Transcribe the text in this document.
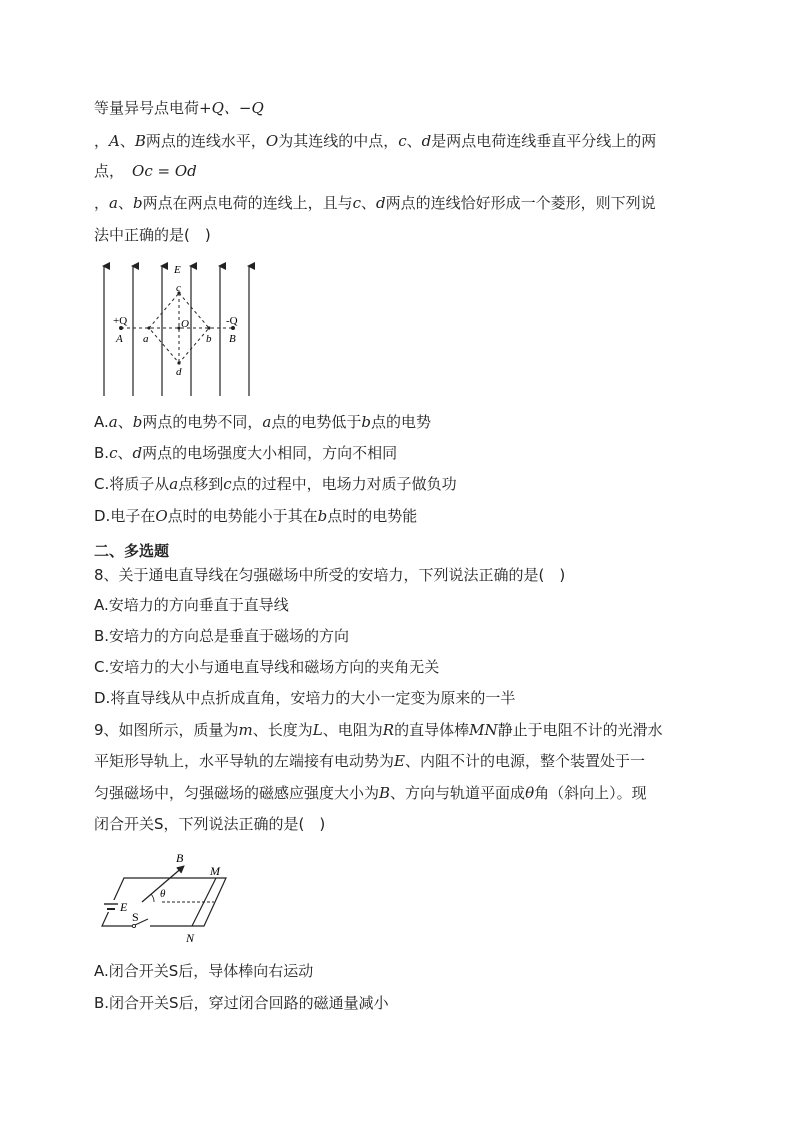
等量异号点电荷+Q、−Q
，A、B两点的连线水平，O为其连线的中点，c、d是两点电荷连线垂直平分线上的两
点， Oc = Od
，a、b两点在两点电荷的连线上，且与c、d两点的连线恰好形成一个菱形，则下列说
法中正确的是(　)
E
+Q	-Q
A	B
a	b
c
d
O
A.a、b两点的电势不同，a点的电势低于b点的电势
B.c、d两点的电场强度大小相同，方向不相同
C.将质子从a点移到c点的过程中，电场力对质子做负功
D.电子在O点时的电势能小于其在b点时的电势能
二、多选题
8、关于通电直导线在匀强磁场中所受的安培力，下列说法正确的是(　)
A.安培力的方向垂直于直导线
B.安培力的方向总是垂直于磁场的方向
C.安培力的大小与通电直导线和磁场方向的夹角无关
D.将直导线从中点折成直角，安培力的大小一定变为原来的一半
9、如图所示，质量为m、长度为L、电阻为R的直导体棒MN静止于电阻不计的光滑水
平矩形导轨上，水平导轨的左端接有电动势为E、内阻不计的电源，整个装置处于一
匀强磁场中，匀强磁场的磁感应强度大小为B、方向与轨道平面成θ角（斜向上）。现
闭合开关S，下列说法正确的是(　)
B
M
N
E
S
θ
A.闭合开关S后，导体棒向右运动
B.闭合开关S后，穿过闭合回路的磁通量减小
